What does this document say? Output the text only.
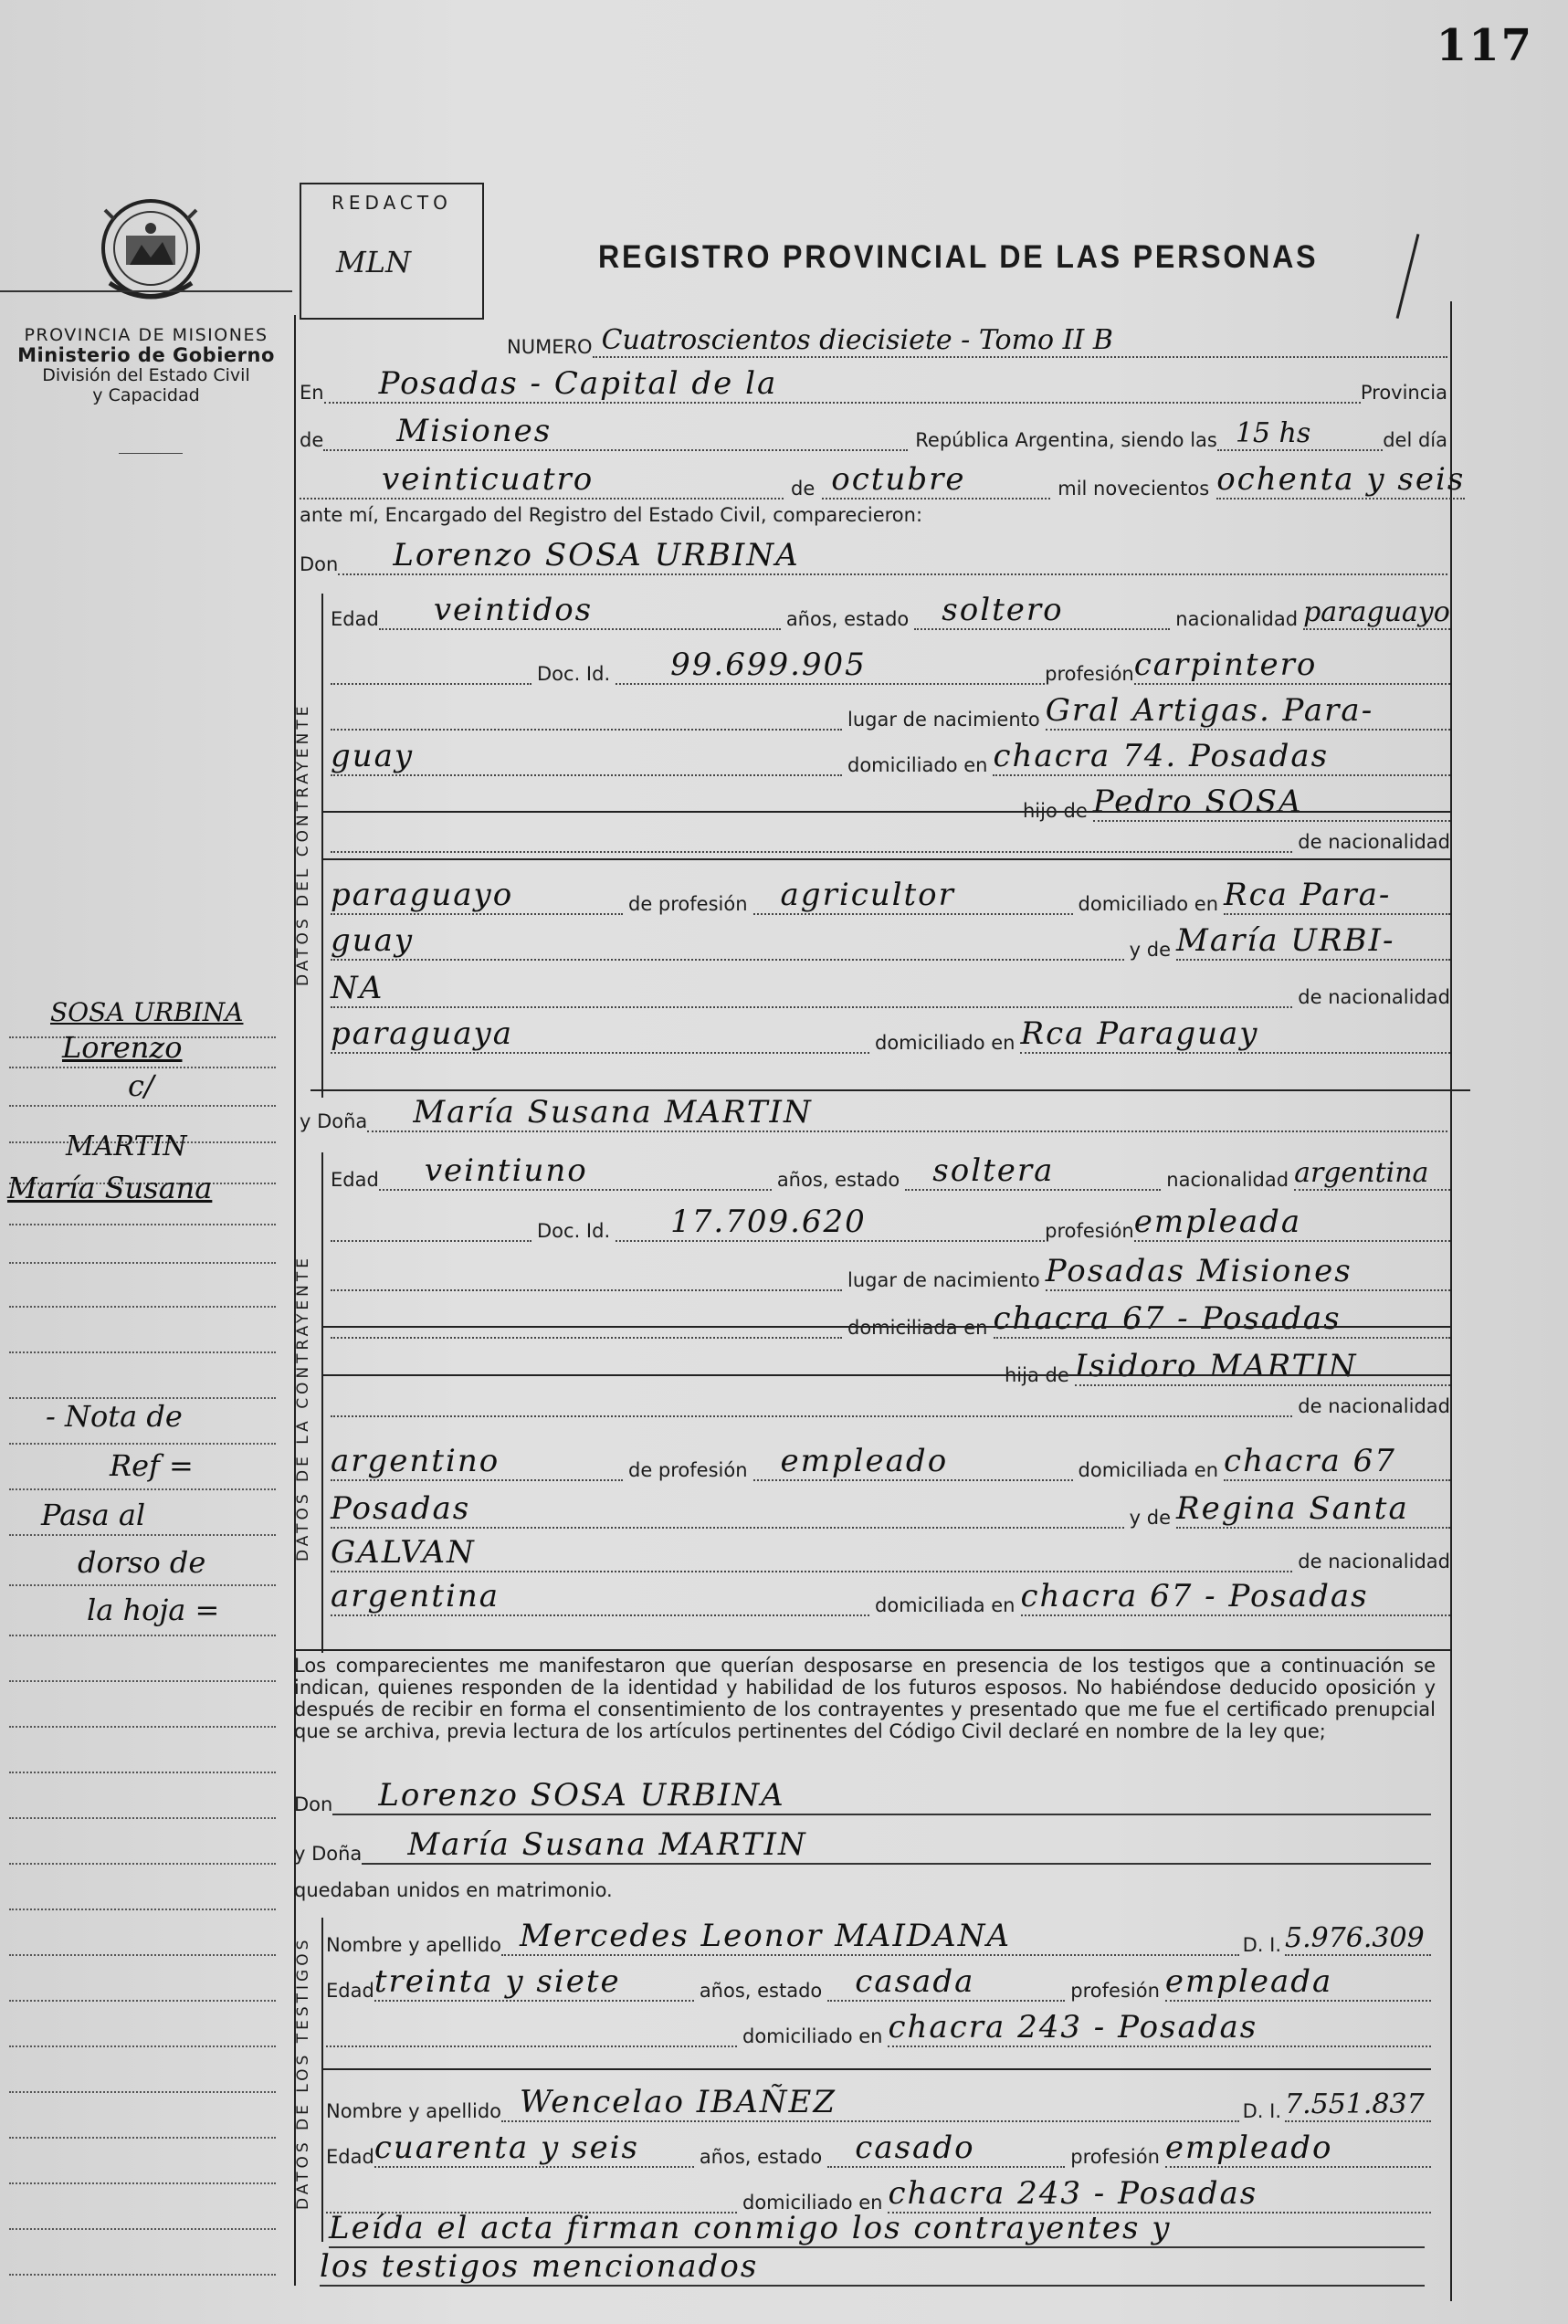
117
PROVINCIA DE MISIONES
Ministerio de Gobierno
División del Estado Civil
y Capacidad
REDACTO
MLN	REGISTRO PROVINCIAL DE LAS PERSONAS
NUMERO Cuatroscientos diecisiete - Tomo II B
En	Posadas - Capital de la	Provincia
de	Misiones	República Argentina, siendo las 15 hs	del día
veinticuatro	de octubre	mil novecientos ochenta y seis
ante mí, Encargado del Registro del Estado Civil, comparecieron:
Don	Lorenzo SOSA URBINA
DATOS DEL CONTRAYENTE
Edad	veintidos	años, estado	soltero	nacionalidad paraguayo
Doc. Id.	99.699.905	profesión carpintero
lugar de nacimiento Gral Artigas. Para-
guay	domiciliado en chacra 74. Posadas
hijo de Pedro SOSA
de nacionalidad
paraguayo	de profesión	agricultor	domiciliado en Rca Para-
guay	y de María URBI-
NA	de nacionalidad
paraguaya	domiciliado en Rca Paraguay
y Doña	María Susana MARTIN
DATOS DE LA CONTRAYENTE
Edad	veintiuno	años, estado	soltera	nacionalidad argentina
Doc. Id.	17.709.620	profesión empleada
lugar de nacimiento Posadas Misiones
domiciliada en chacra 67 - Posadas
hija de Isidoro MARTIN
de nacionalidad
argentino	de profesión	empleado	domiciliada en chacra 67
Posadas	y de Regina Santa
GALVAN	de nacionalidad
argentina	domiciliada en chacra 67 - Posadas
Los comparecientes me manifestaron que querían desposarse en presencia de los testigos que a continuación se indican, quienes responden de la identidad y habilidad de los futuros esposos. No habiéndose deducido oposición y después de recibir en forma el consentimiento de los contrayentes y presentado que me fue el certificado prenupcial que se archiva, previa lectura de los artículos pertinentes del Código Civil declaré en nombre de la ley que;
Don	Lorenzo SOSA URBINA
y Doña	María Susana MARTIN
quedaban unidos en matrimonio.
DATOS DE LOS TESTIGOS Nombre y apellido Mercedes Leonor MAIDANA	D. I. 5.976.309
Edad treinta y siete	años, estado	casada	profesión empleada
domiciliado en chacra 243 - Posadas
Nombre y apellido Wencelao IBAÑEZ	D. I. 7.551.837
Edad cuarenta y seis	años, estado	casado	profesión empleado
domiciliado en chacra 243 - Posadas
Leída el acta firman conmigo los contrayentes y
los testigos mencionados
SOSA URBINA
Lorenzo
c/
MARTIN
María Susana
- Nota de
Ref =
Pasa al
dorso de
la hoja =
